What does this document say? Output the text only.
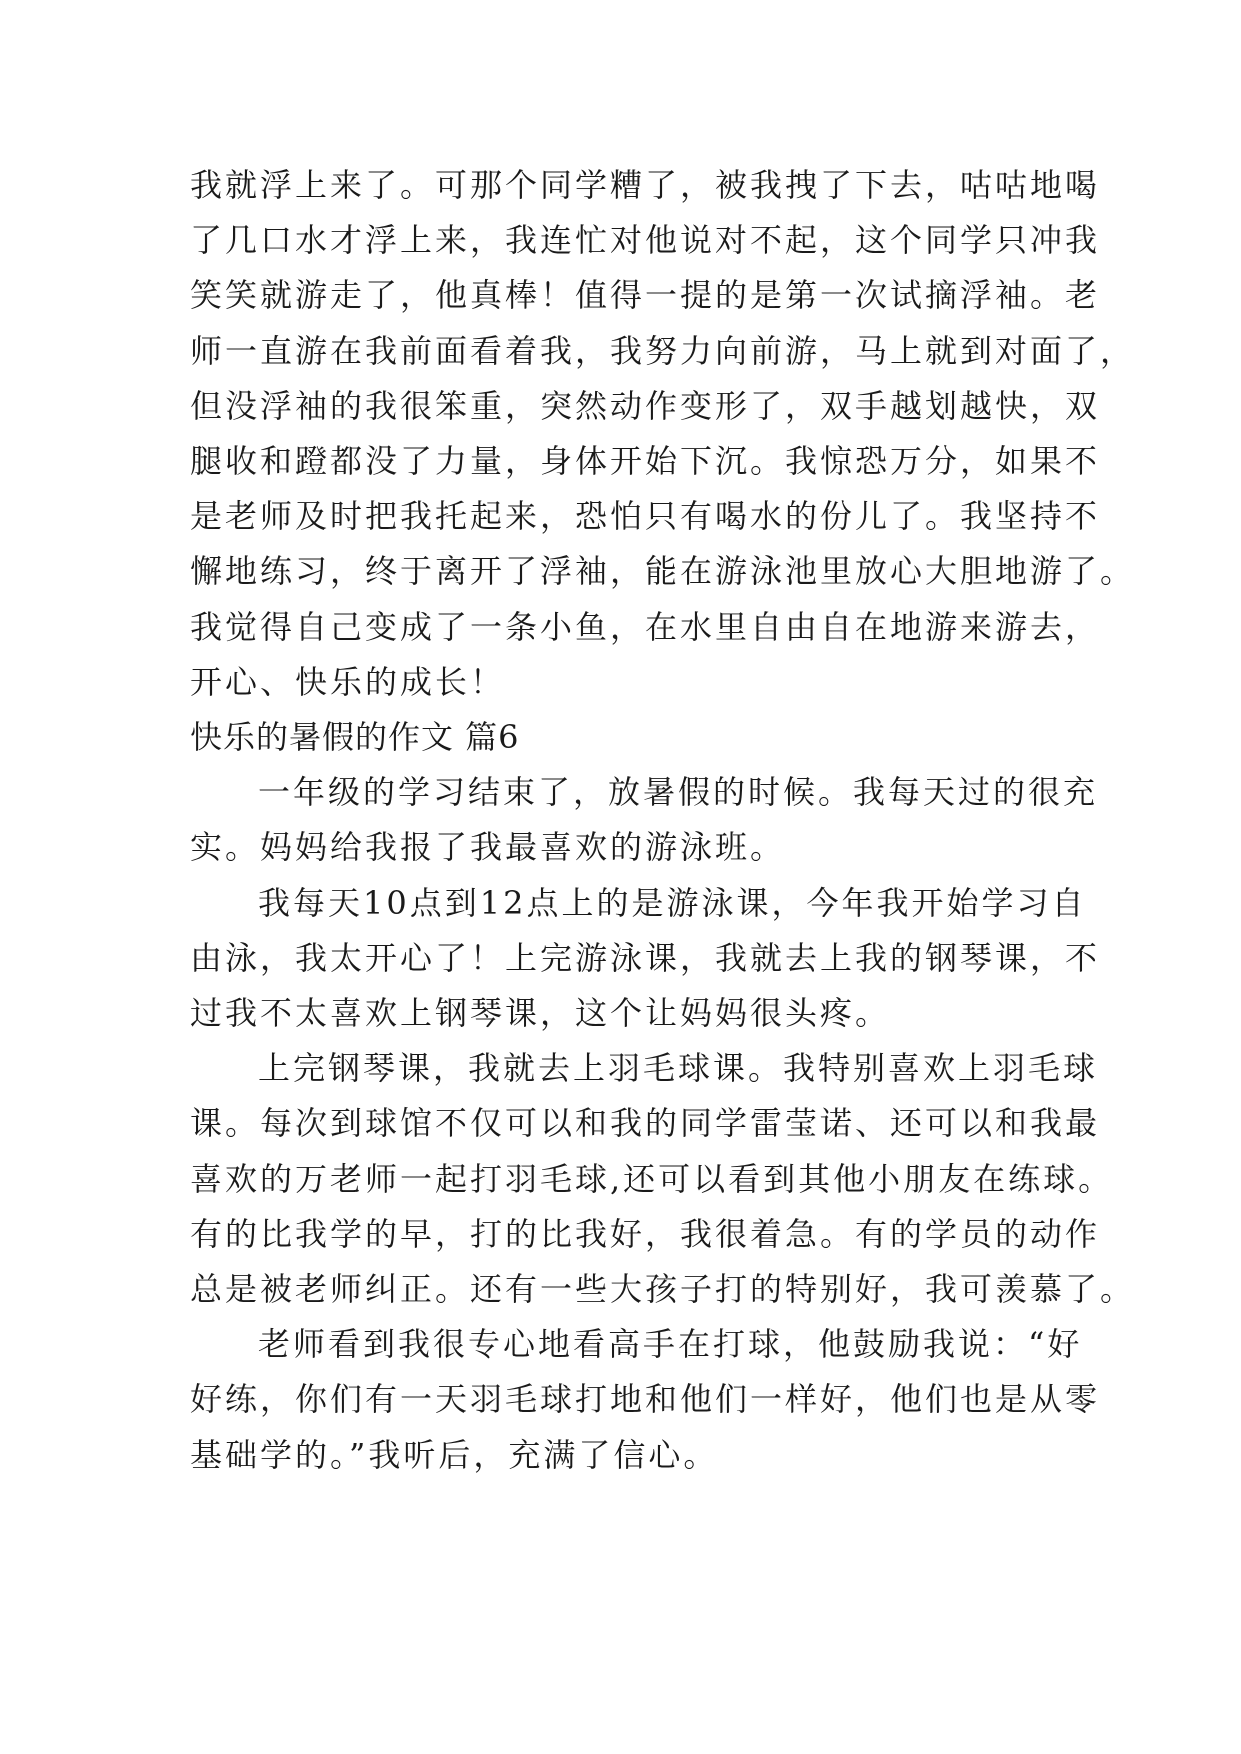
我就浮上来了。可那个同学糟了，被我拽了下去，咕咕地喝

了几口水才浮上来，我连忙对他说对不起，这个同学只冲我

笑笑就游走了，他真棒！值得一提的是第一次试摘浮袖。老

师一直游在我前面看着我，我努力向前游，马上就到对面了，

但没浮袖的我很笨重，突然动作变形了，双手越划越快，双

腿收和蹬都没了力量，身体开始下沉。我惊恐万分，如果不

是老师及时把我托起来，恐怕只有喝水的份儿了。我坚持不

懈地练习，终于离开了浮袖，能在游泳池里放心大胆地游了。

我觉得自己变成了一条小鱼，在水里自由自在地游来游去，

开心、快乐的成长！

快乐的暑假的作文 篇6

一年级的学习结束了，放暑假的时候。我每天过的很充

实。妈妈给我报了我最喜欢的游泳班。

我每天10点到12点上的是游泳课，今年我开始学习自

由泳，我太开心了！上完游泳课，我就去上我的钢琴课，不

过我不太喜欢上钢琴课，这个让妈妈很头疼。

上完钢琴课，我就去上羽毛球课。我特别喜欢上羽毛球

课。每次到球馆不仅可以和我的同学雷莹诺、还可以和我最

喜欢的万老师一起打羽毛球,还可以看到其他小朋友在练球。

有的比我学的早，打的比我好，我很着急。有的学员的动作

总是被老师纠正。还有一些大孩子打的特别好，我可羡慕了。

老师看到我很专心地看高手在打球，他鼓励我说：“好

好练，你们有一天羽毛球打地和他们一样好，他们也是从零

基础学的。”我听后，充满了信心。
